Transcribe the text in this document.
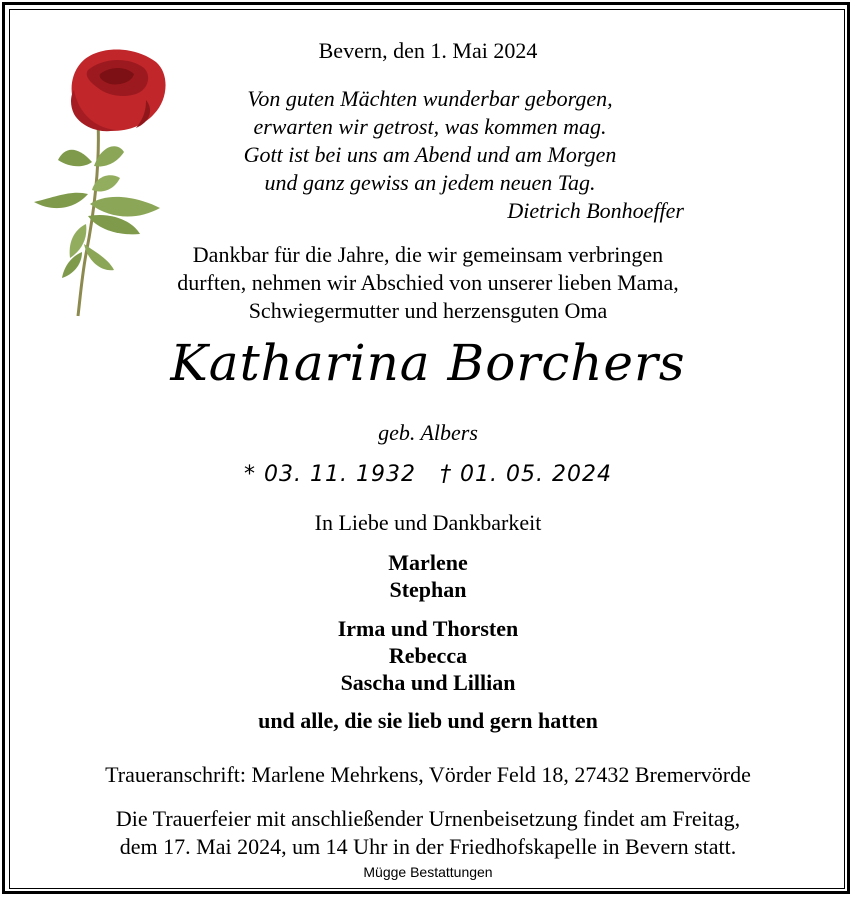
Bevern, den 1. Mai 2024
Von guten Mächten wunderbar geborgen,
erwarten wir getrost, was kommen mag.
Gott ist bei uns am Abend und am Morgen
und ganz gewiss an jedem neuen Tag.
Dietrich Bonhoeffer
Dankbar für die Jahre, die wir gemeinsam verbringen
durften, nehmen wir Abschied von unserer lieben Mama,
Schwiegermutter und herzensguten Oma
Katharina Borchers
geb. Albers
* 03. 11. 1932 † 01. 05. 2024
In Liebe und Dankbarkeit
Marlene
Stephan
Irma und Thorsten
Rebecca
Sascha und Lillian
und alle, die sie lieb und gern hatten
Traueranschrift: Marlene Mehrkens, Vörder Feld 18, 27432 Bremervörde
Die Trauerfeier mit anschließender Urnenbeisetzung findet am Freitag,
dem 17. Mai 2024, um 14 Uhr in der Friedhofskapelle in Bevern statt.
Mügge Bestattungen
